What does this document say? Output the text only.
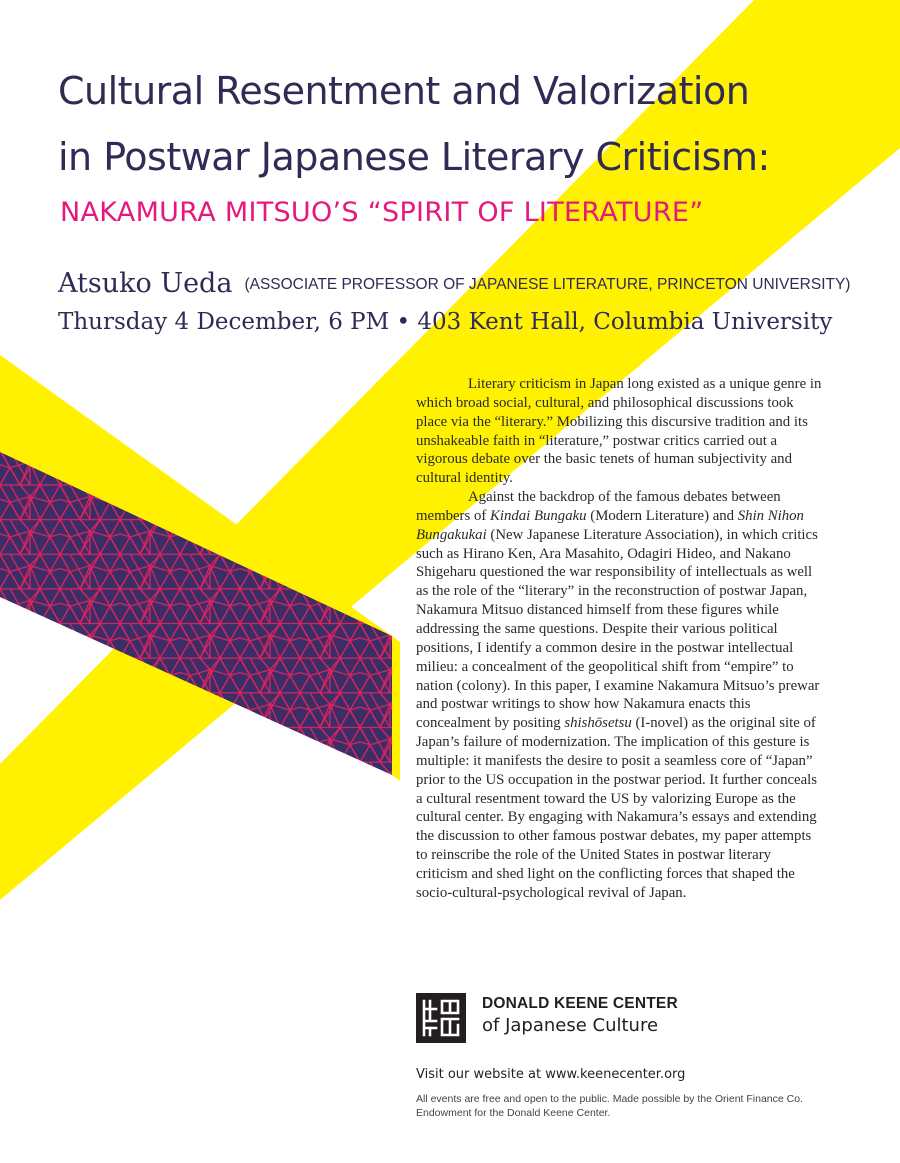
Cultural Resentment and Valorization
in Postwar Japanese Literary Criticism:
NAKAMURA MITSUO’S “SPIRIT OF LITERATURE”
Atsuko Ueda (ASSOCIATE PROFESSOR OF JAPANESE LITERATURE, PRINCETON UNIVERSITY)
Thursday 4 December, 6 PM • 403 Kent Hall, Columbia University

Literary criticism in Japan long existed as a unique genre in which broad social, cultural, and philosophical discussions took place via the “literary.” Mobilizing this discursive tradition and its unshakeable faith in “literature,” postwar critics carried out a vigorous debate over the basic tenets of human subjectivity and cultural identity.

Against the backdrop of the famous debates between members of Kindai Bungaku (Modern Literature) and Shin Nihon Bungakukai (New Japanese Literature Association), in which critics such as Hirano Ken, Ara Masahito, Odagiri Hideo, and Nakano Shigeharu questioned the war responsibility of intellectuals as well as the role of the “literary” in the reconstruction of postwar Japan, Nakamura Mitsuo distanced himself from these figures while addressing the same questions. Despite their various political positions, I identify a common desire in the postwar intellectual milieu: a concealment of the geopolitical shift from “empire” to nation (colony). In this paper, I examine Nakamura Mitsuo’s prewar and postwar writings to show how Nakamura enacts this concealment by positing shishōsetsu (I-novel) as the original site of Japan’s failure of modernization. The implication of this gesture is multiple: it manifests the desire to posit a seamless core of “Japan” prior to the US occupation in the postwar period. It further conceals a cultural resentment toward the US by valorizing Europe as the cultural center. By engaging with Nakamura’s essays and extending the discussion to other famous postwar debates, my paper attempts to reinscribe the role of the United States in postwar literary criticism and shed light on the conflicting forces that shaped the socio-cultural-psychological revival of Japan.

DONALD KEENE CENTER
of Japanese Culture
Visit our website at www.keenecenter.org
All events are free and open to the public. Made possible by the Orient Finance Co. Endowment for the Donald Keene Center.
